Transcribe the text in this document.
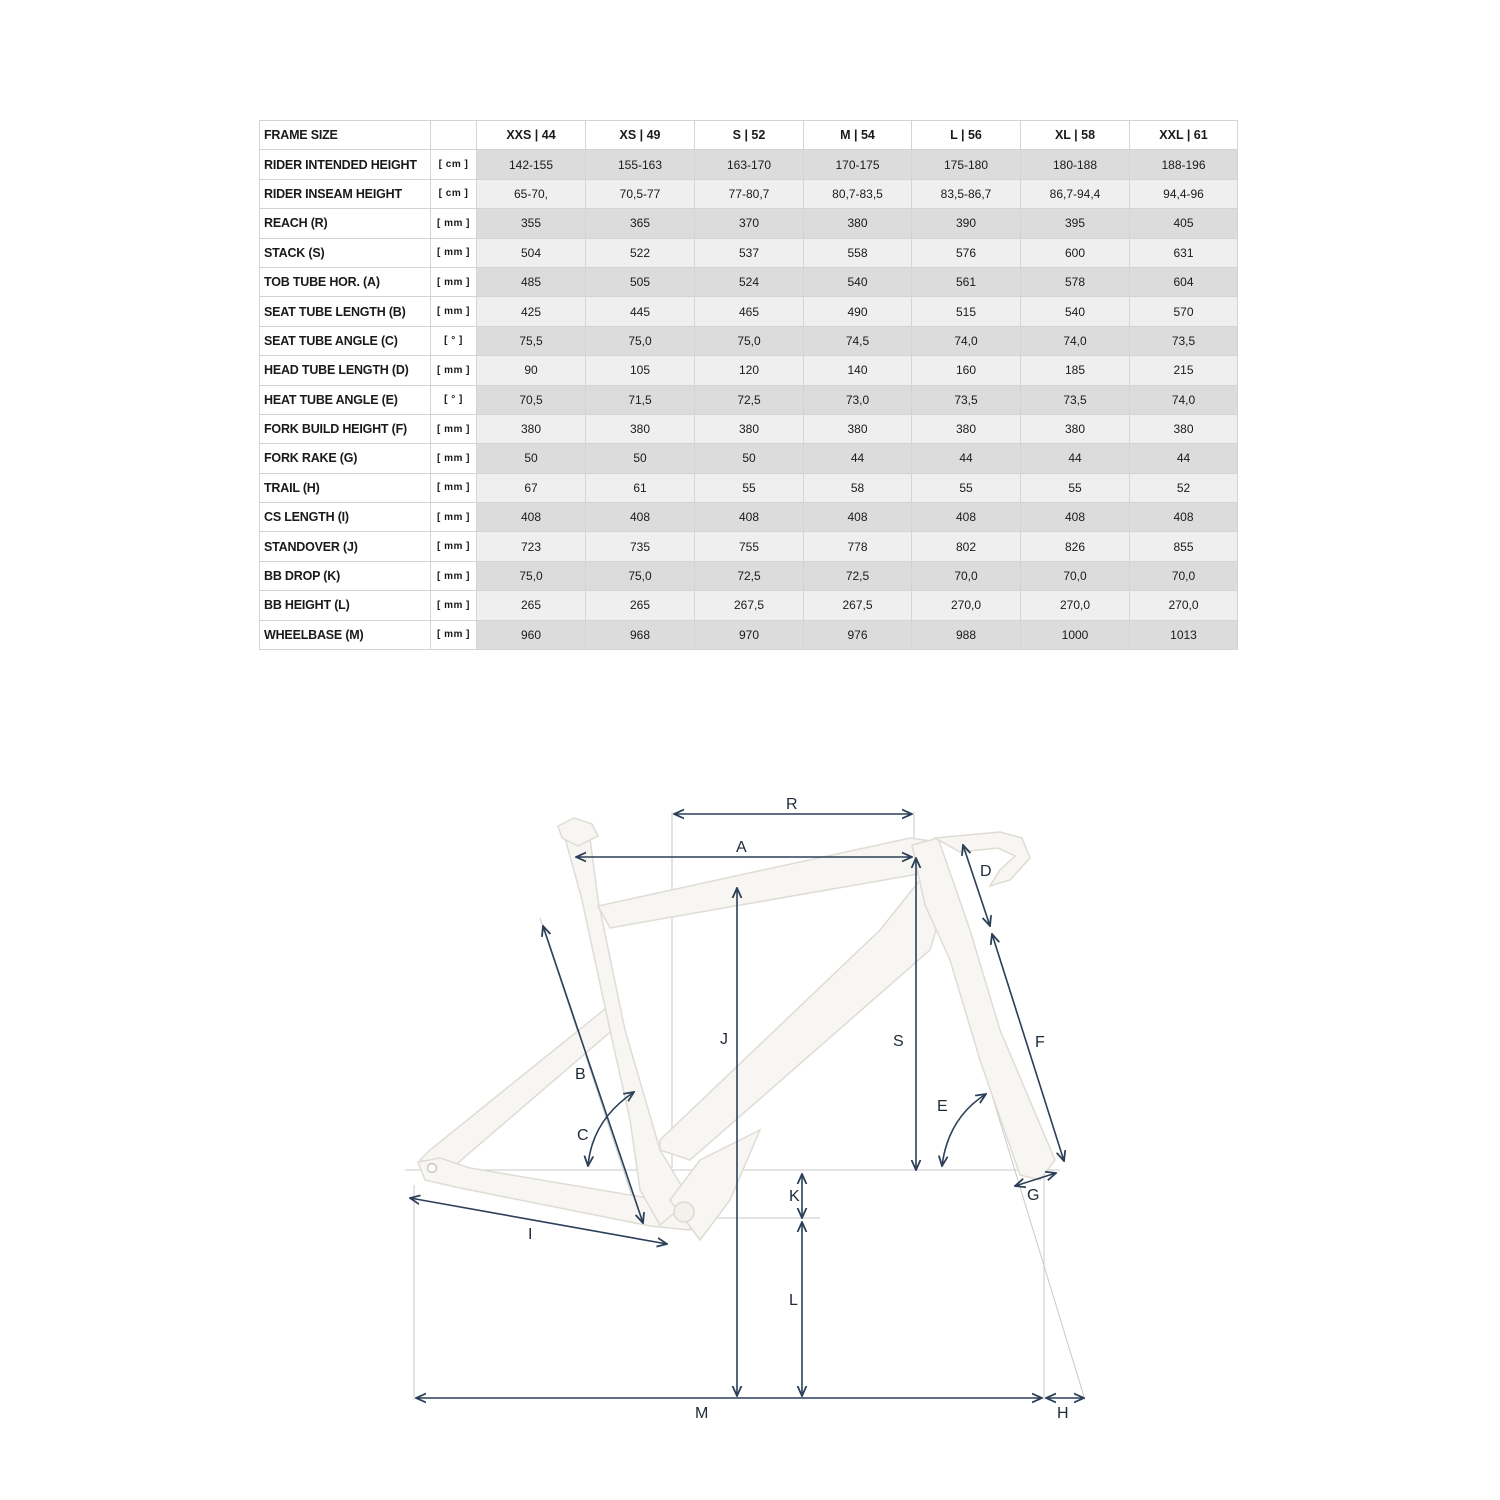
FRAME SIZE		XXS | 44	XS | 49	S | 52	M | 54	L | 56	XL | 58	XXL | 61
RIDER INTENDED HEIGHT	[ cm ]	142-155	155-163	163-170	170-175	175-180	180-188	188-196
RIDER INSEAM HEIGHT	[ cm ]	65-70,	70,5-77	77-80,7	80,7-83,5	83,5-86,7	86,7-94,4	94,4-96
REACH (R)	[ mm ]	355	365	370	380	390	395	405
STACK (S)	[ mm ]	504	522	537	558	576	600	631
TOB TUBE HOR. (A)	[ mm ]	485	505	524	540	561	578	604
SEAT TUBE LENGTH (B)	[ mm ]	425	445	465	490	515	540	570
SEAT TUBE ANGLE (C)	[ ° ]	75,5	75,0	75,0	74,5	74,0	74,0	73,5
HEAD TUBE LENGTH (D)	[ mm ]	90	105	120	140	160	185	215
HEAT TUBE ANGLE (E)	[ ° ]	70,5	71,5	72,5	73,0	73,5	73,5	74,0
FORK BUILD HEIGHT (F)	[ mm ]	380	380	380	380	380	380	380
FORK RAKE (G)	[ mm ]	50	50	50	44	44	44	44
TRAIL (H)	[ mm ]	67	61	55	58	55	55	52
CS LENGTH (I)	[ mm ]	408	408	408	408	408	408	408
STANDOVER (J)	[ mm ]	723	735	755	778	802	826	855
BB DROP (K)	[ mm ]	75,0	75,0	72,5	72,5	70,0	70,0	70,0
BB HEIGHT (L)	[ mm ]	265	265	267,5	267,5	270,0	270,0	270,0
WHEELBASE (M)	[ mm ]	960	968	970	976	988	1000	1013
R
A
D
J	S	F
B
C
E
G
K
I
L
M	H
